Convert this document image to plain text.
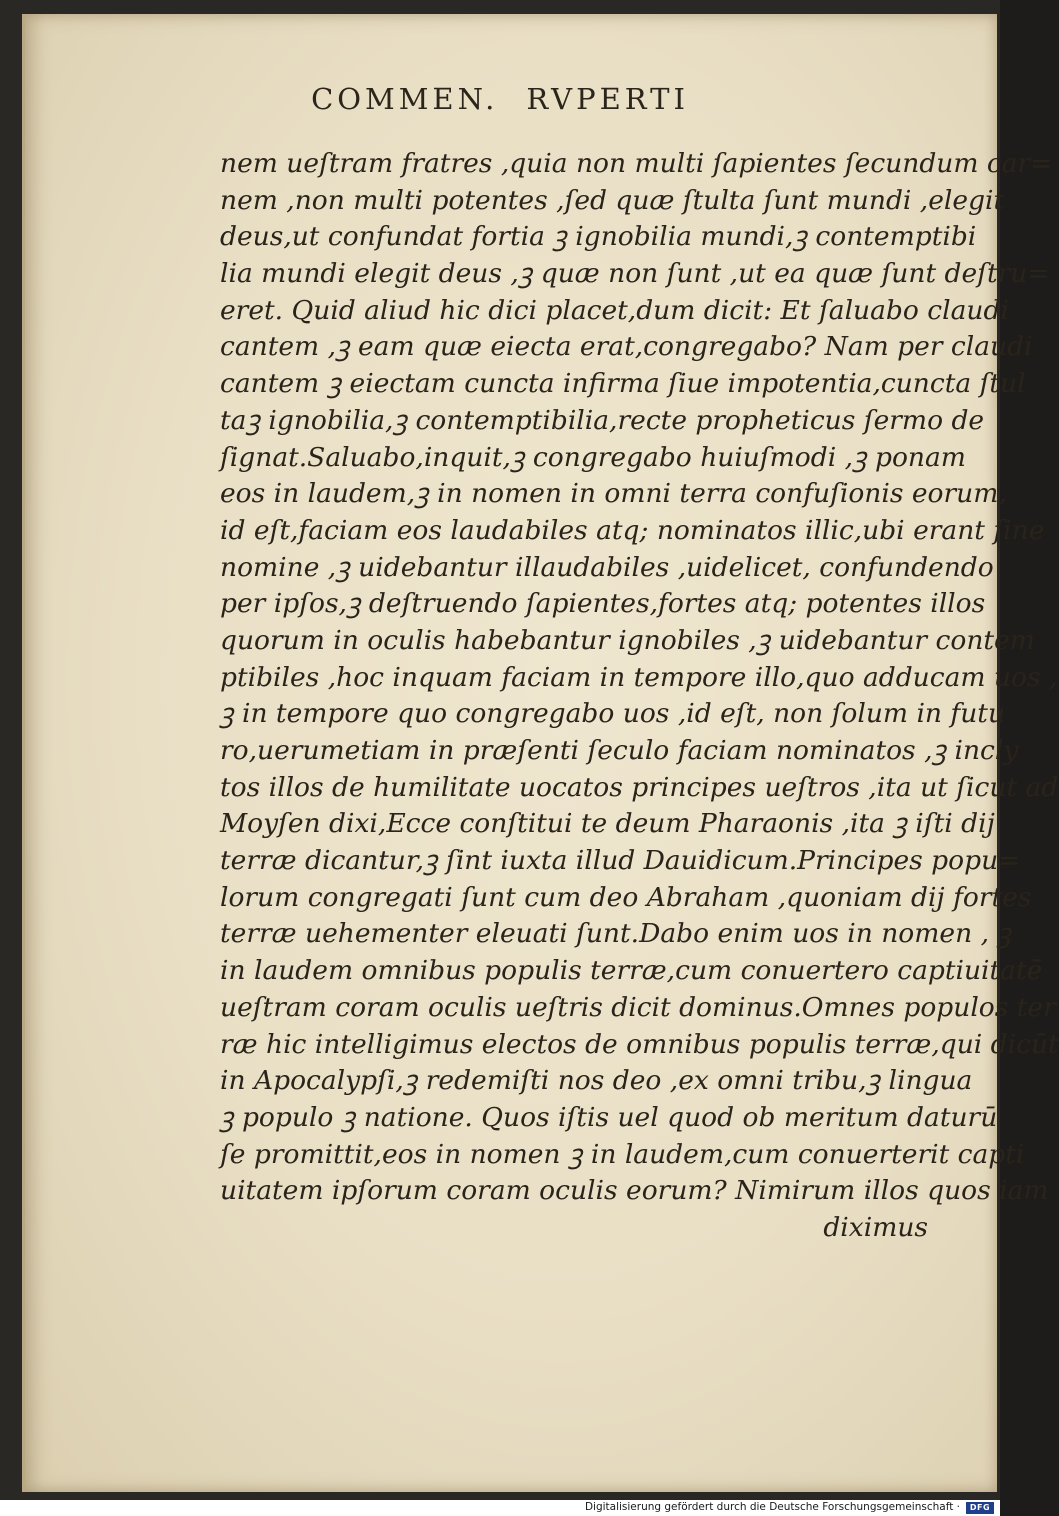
COMMEN. RVPERTI
nem ueſtram fratres ,quia non multi ſapientes ſecundum car=
nem ,non multi potentes ,ſed quæ ſtulta ſunt mundi ,elegit
deus,ut confundat fortia ꝫ ignobilia mundi,ꝫ contemptibi
lia mundi elegit deus ,ꝫ quæ non ſunt ,ut ea quæ ſunt deſtru=
eret. Quid aliud hic dici placet,dum dicit: Et ſaluabo claudi
cantem ,ꝫ eam quæ eiecta erat,congregabo? Nam per claudi
cantem ꝫ eiectam cuncta infirma ſiue impotentia,cuncta ſtul
taꝫ ignobilia,ꝫ contemptibilia,recte propheticus ſermo de
ſignat.Saluabo,inquit,ꝫ congregabo huiuſmodi ,ꝫ ponam
eos in laudem,ꝫ in nomen in omni terra confuſionis eorum,
id eſt,faciam eos laudabiles atq; nominatos illic,ubi erant ſine
nomine ,ꝫ uidebantur illaudabiles ,uidelicet, confundendo
per ipſos,ꝫ deſtruendo ſapientes,fortes atq; potentes illos
quorum in oculis habebantur ignobiles ,ꝫ uidebantur contem
ptibiles ,hoc inquam faciam in tempore illo,quo adducam uos ,
ꝫ in tempore quo congregabo uos ,id eſt, non ſolum in futu
ro,uerumetiam in præſenti ſeculo faciam nominatos ,ꝫ incly
tos illos de humilitate uocatos principes ueſtros ,ita ut ſicut ad
Moyſen dixi,Ecce conſtitui te deum Pharaonis ,ita ꝫ iſti dij
terræ dicantur,ꝫ ſint iuxta illud Dauidicum.Principes popu=
lorum congregati ſunt cum deo Abraham ,quoniam dij fortes
terræ uehementer eleuati ſunt.Dabo enim uos in nomen , ꝫ
in laudem omnibus populis terræ,cum conuertero captiuitatē
ueſtram coram oculis ueſtris dicit dominus.Omnes populos ter
ræ hic intelligimus electos de omnibus populis terræ,qui dicūt
in Apocalypſi,ꝫ redemiſti nos deo ,ex omni tribu,ꝫ lingua
ꝫ populo ꝫ natione. Quos iſtis uel quod ob meritum daturū
ſe promittit,eos in nomen ꝫ in laudem,cum conuerterit capti
uitatem ipſorum coram oculis eorum? Nimirum illos quos iam
diximus
Digitalisierung gefördert durch die Deutsche Forschungsgemeinschaft ·	DFG
